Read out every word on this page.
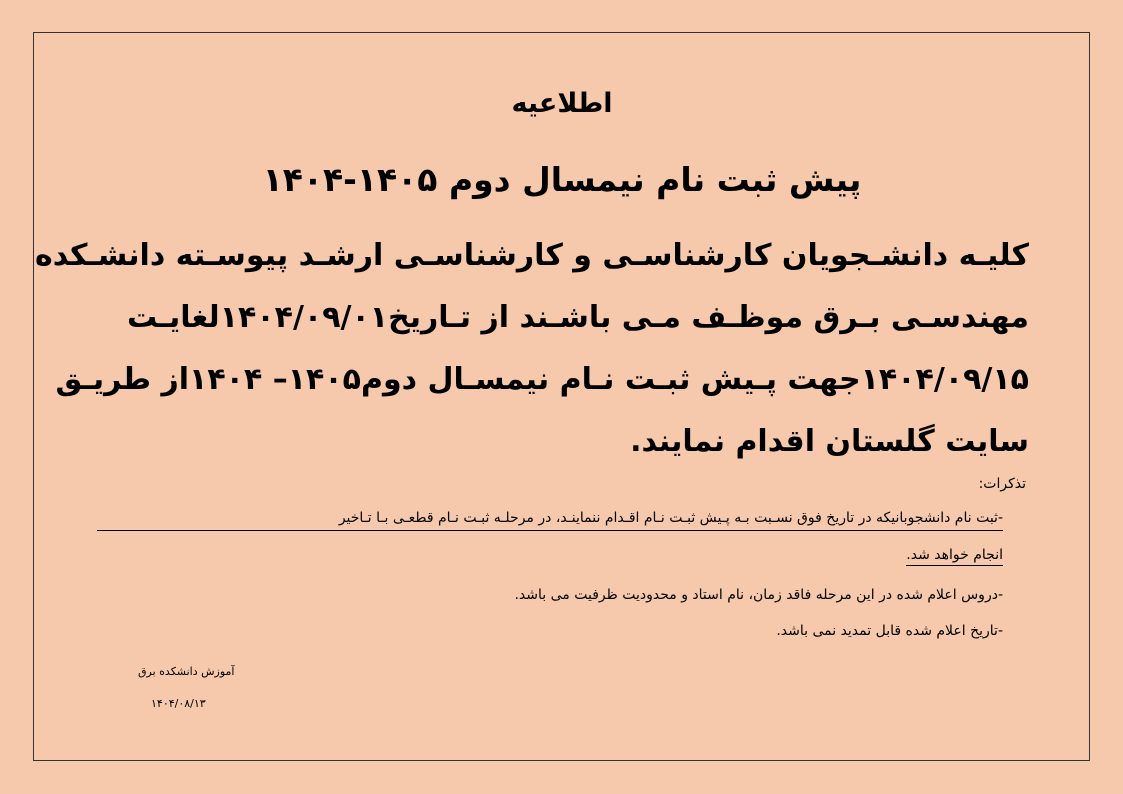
اطلاعیه
پیش ثبت نام نیمسال دوم ۱۴۰۵-۱۴۰۴
کلیـه دانشـجویان کارشناسـی و کارشناسـی ارشـد پیوسـته دانشـکده
مهندسـی بـرق موظـف مـی باشـند از تـاریخ۱۴۰۴/۰۹/۰۱لغایـت
۱۴۰۴/۰۹/۱۵جهت پـیش ثبـت نـام نیمسـال دوم۱۴۰۵– ۱۴۰۴از طریـق
سایت گلستان اقدام نمایند.
تذکرات:
-ثبت نام دانشجوبانیکه در تاریخ فوق نسـبت بـه پـیش ثبـت نـام اقـدام ننماینـد، در مرحلـه ثبـت نـام قطعـی بـا تـاخیر
انجام خواهد شد.
-دروس اعلام شده در این مرحله فاقد زمان، نام استاد و محدودیت ظرفیت می باشد.
-تاریخ اعلام شده قابل تمدید نمی باشد.
آموزش دانشکده برق
۱۴۰۴/۰۸/۱۳
